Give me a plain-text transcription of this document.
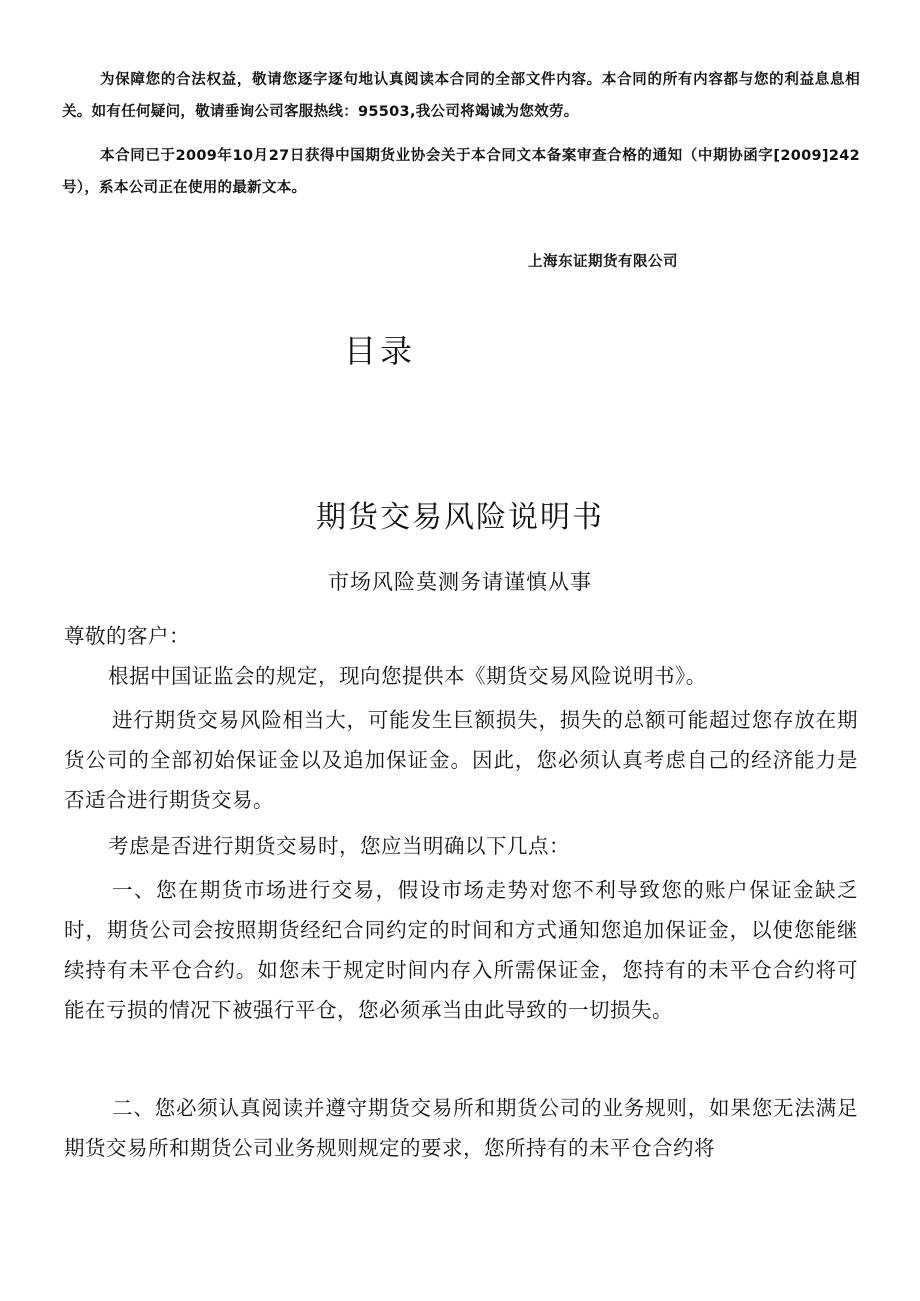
为保障您的合法权益，敬请您逐字逐句地认真阅读本合同的全部文件内容。本合同的所有内容都与您的利益息息相关。如有任何疑问，敬请垂询公司客服热线：95503,我公司将竭诚为您效劳。
本合同已于2009年10月27日获得中国期货业协会关于本合同文本备案审查合格的通知（中期协函字[2009]242号），系本公司正在使用的最新文本。
上海东证期货有限公司
目录
期货交易风险说明书
市场风险莫测务请谨慎从事
尊敬的客户：
根据中国证监会的规定，现向您提供本《期货交易风险说明书》。
进行期货交易风险相当大，可能发生巨额损失，损失的总额可能超过您存放在期货公司的全部初始保证金以及追加保证金。因此，您必须认真考虑自己的经济能力是否适合进行期货交易。
考虑是否进行期货交易时，您应当明确以下几点：
一、您在期货市场进行交易，假设市场走势对您不利导致您的账户保证金缺乏时，期货公司会按照期货经纪合同约定的时间和方式通知您追加保证金，以使您能继续持有未平仓合约。如您未于规定时间内存入所需保证金，您持有的未平仓合约将可能在亏损的情况下被强行平仓，您必须承当由此导致的一切损失。
二、您必须认真阅读并遵守期货交易所和期货公司的业务规则，如果您无法满足期货交易所和期货公司业务规则规定的要求，您所持有的未平仓合约将
